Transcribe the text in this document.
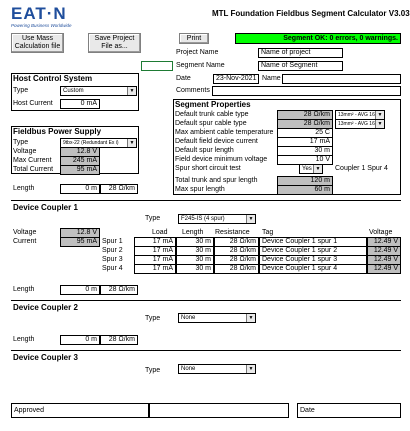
EAT·N
Powering Business Worldwide
MTL Foundation Fieldbus Segment Calculator V3.03
Use Mass Calculation file
Save Project File as...
Print	Segment OK: 0 errors, 0 warnings.
Project Name	Name of project
Segment Name	Name of Segment
Date	23-Nov-2021 Name
Comments
Host Control System
Type	Custom	▼
Host Current	0 mA
Fieldbus Power Supply
Type	9tbx-22 (Redundant Ex i)	▼
Voltage	12.8 V
Max Current	245 mA
Total Current	95 mA
Segment Properties
Default trunk cable type	28 Ω/km	13mm² - AVG 16 ▼
Default spur cable type	28 Ω/km	13mm² - AVG 16 ▼
Max ambient cable temperature	25 C
Default field device current	17 mA
Default spur length	30 m
Field device minimum voltage	10 V
Spur short circuit test	Yes ▼ Coupler 1 Spur 4
Total trunk and spur length	120 m
Max spur length	60 m
Length	0 m	28 Ω/km
Device Coupler 1
Type	F245-IS (4 spur)	▼
Voltage	12.8 V
Current	95 mA
Load Length Resistance Tag	Voltage
Spur 1	17 mA	30 m	28 Ω/km Device Coupler 1 spur 1	12.49 V
Spur 2	17 mA	30 m	28 Ω/km Device Coupler 1 spur 2	12.49 V
Spur 3	17 mA	30 m	28 Ω/km Device Coupler 1 spur 3	12.49 V
Spur 4	17 mA	30 m	28 Ω/km Device Coupler 1 spur 4	12.49 V
Length	0 m	28 Ω/km
Device Coupler 2
Type	None	▼
Length	0 m	28 Ω/km
Device Coupler 3
Type	None	▼
Approved	Date
